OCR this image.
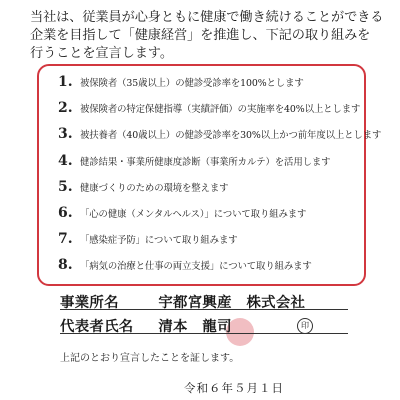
当社は、従業員が心身ともに健康で働き続けることができる
企業を目指して「健康経営」を推進し、下記の取り組みを
行うことを宣言します。
1. 被保険者（35歳以上）の健診受診率を100%とします
2. 被保険者の特定保健指導（実績評価）の実施率を40%以上とします
3. 被扶養者（40歳以上）の健診受診率を30%以上かつ前年度以上とします
4. 健診結果・事業所健康度診断（事業所カルテ）を活用します
5. 健康づくりのための環境を整えます
6. 「心の健康（メンタルヘルス）」について取り組みます
7. 「感染症予防」について取り組みます
8. 「病気の治療と仕事の両立支援」について取り組みます
事業所名	宇都宮興産　株式会社
代表者氏名 清本　龍司	印
上記のとおり宣言したことを証します。
令和６年５月１日
